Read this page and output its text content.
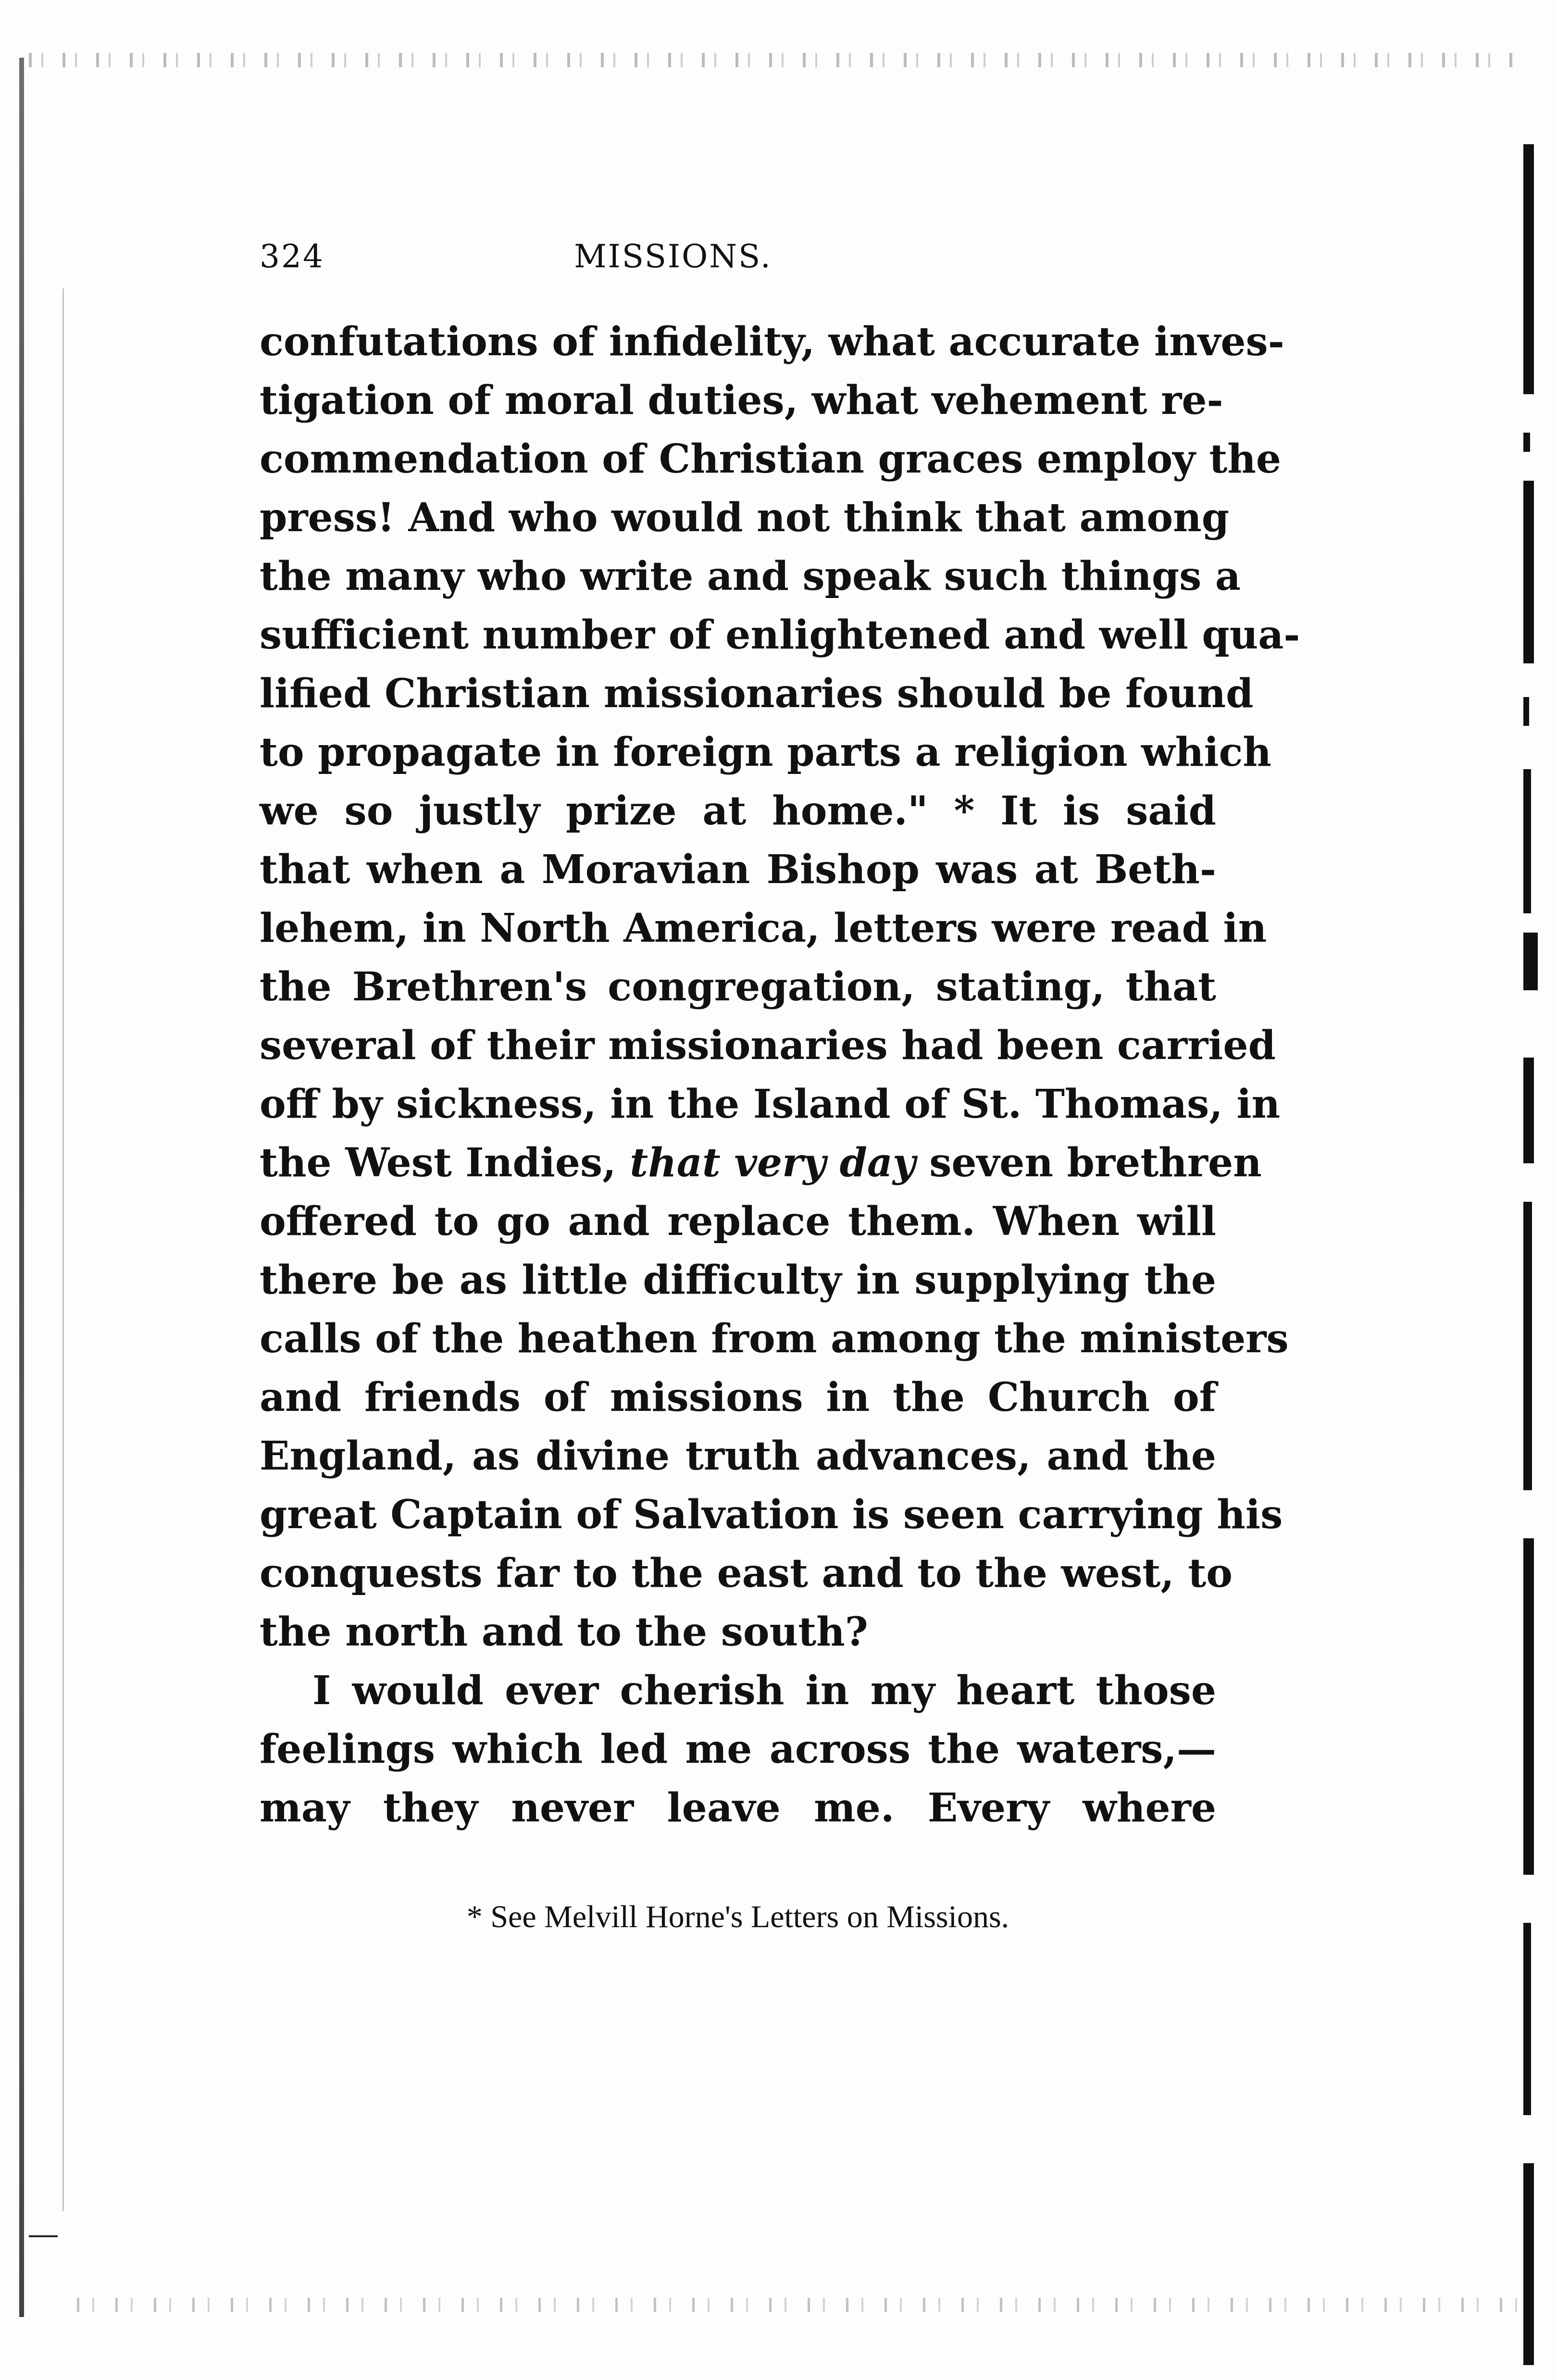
324	MISSIONS.
confutations of infidelity, what accurate inves-
tigation of moral duties, what vehement re-
commendation of Christian graces employ the
press! And who would not think that among
the many who write and speak such things a
sufficient number of enlightened and well qua-
lified Christian missionaries should be found
to propagate in foreign parts a religion which
we so justly prize at home." * It is said
that when a Moravian Bishop was at Beth-
lehem, in North America, letters were read in
the Brethren's congregation, stating, that
several of their missionaries had been carried
off by sickness, in the Island of St. Thomas, in
the West Indies, that very day seven brethren
offered to go and replace them. When will
there be as little difficulty in supplying the
calls of the heathen from among the ministers
and friends of missions in the Church of
England, as divine truth advances, and the
great Captain of Salvation is seen carrying his
conquests far to the east and to the west, to
the north and to the south?
I would ever cherish in my heart those
feelings which led me across the waters,—
may they never leave me. Every where
* See Melvill Horne's Letters on Missions.
